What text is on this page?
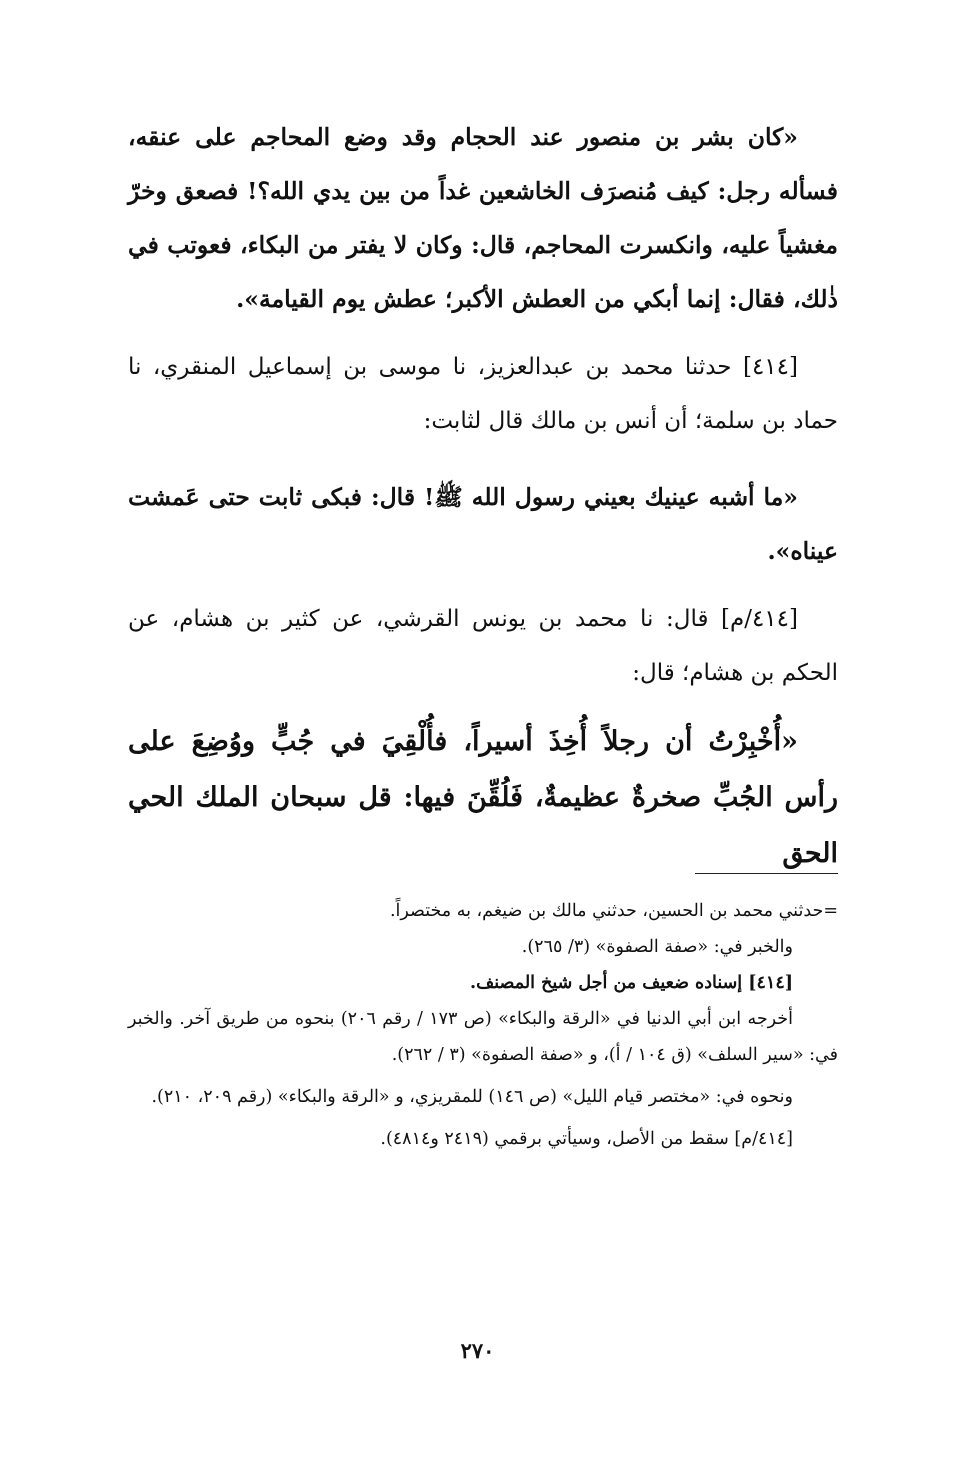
«كان بشر بن منصور عند الحجام وقد وضع المحاجم على عنقه، فسأله رجل: كيف مُنصرَف الخاشعين غداً من بين يدي الله؟! فصعق وخرّ مغشياً عليه، وانكسرت المحاجم، قال: وكان لا يفتر من البكاء، فعوتب في ذٰلك، فقال: إنما أبكي من العطش الأكبر؛ عطش يوم القيامة».

[٤١٤] حدثنا محمد بن عبدالعزيز، نا موسى بن إسماعيل المنقري، نا حماد بن سلمة؛ أن أنس بن مالك قال لثابت:

«ما أشبه عينيك بعيني رسول الله ﷺ! قال: فبكى ثابت حتى عَمشت عيناه».

[٤١٤/م] قال: نا محمد بن يونس القرشي، عن كثير بن هشام، عن الحكم بن هشام؛ قال:

«أُخْبِرْتُ أن رجلاً أُخِذَ أسيراً، فأُلْقِيَ في جُبٍّ ووُضِعَ على رأس الجُبِّ صخرةٌ عظيمةٌ، فَلُقِّنَ فيها: قل سبحان الملك الحي الحق

=حدثني محمد بن الحسين، حدثني مالك بن ضيغم، به مختصراً.

والخبر في: «صفة الصفوة» (٣/ ٢٦٥).

[٤١٤] إسناده ضعيف من أجل شيخ المصنف.

أخرجه ابن أبي الدنيا في «الرقة والبكاء» (ص ١٧٣ / رقم ٢٠٦) بنحوه من طريق آخر. والخبر في: «سير السلف» (ق ١٠٤ / أ)، و «صفة الصفوة» (٣ / ٢٦٢).

ونحوه في: «مختصر قيام الليل» (ص ١٤٦) للمقريزي، و «الرقة والبكاء» (رقم ٢٠٩، ٢١٠).

[٤١٤/م] سقط من الأصل، وسيأتي برقمي (٢٤١٩ و٤٨١٤).

٢٧٠
